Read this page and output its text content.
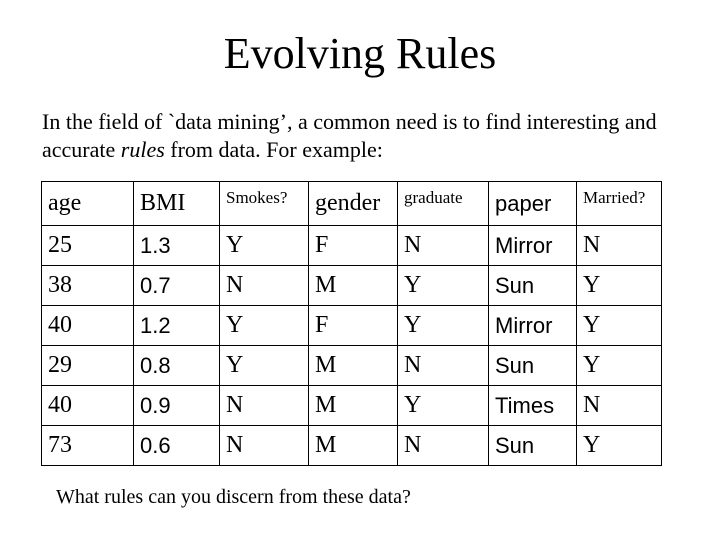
Evolving Rules
In the field of `data mining’, a common need is to find interesting and
accurate rules from data. For example:
age	BMI	Smokes?	gender	graduate	paper	Married?
25	1.3	Y	F	N	Mirror	N
38	0.7	N	M	Y	Sun	Y
40	1.2	Y	F	Y	Mirror	Y
29	0.8	Y	M	N	Sun	Y
40	0.9	N	M	Y	Times	N
73	0.6	N	M	N	Sun	Y
What rules can you discern from these data?
